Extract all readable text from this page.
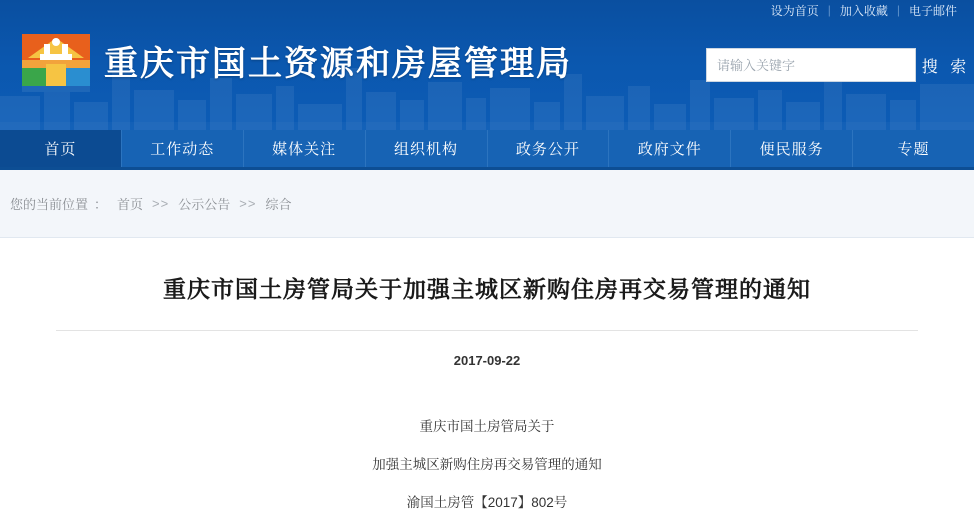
设为首页 | 加入收藏 | 电子邮件
重庆市国土资源和房屋管理局
请输入关键字	搜 索
首页	工作动态	媒体关注	组织机构	政务公开	政府文件	便民服务	专题
您的当前位置 ： 首页 >> 公示公告 >> 综合
重庆市国土房管局关于加强主城区新购住房再交易管理的通知
2017-09-22

重庆市国土房管局关于

加强主城区新购住房再交易管理的通知

渝国土房管【2017】802号
